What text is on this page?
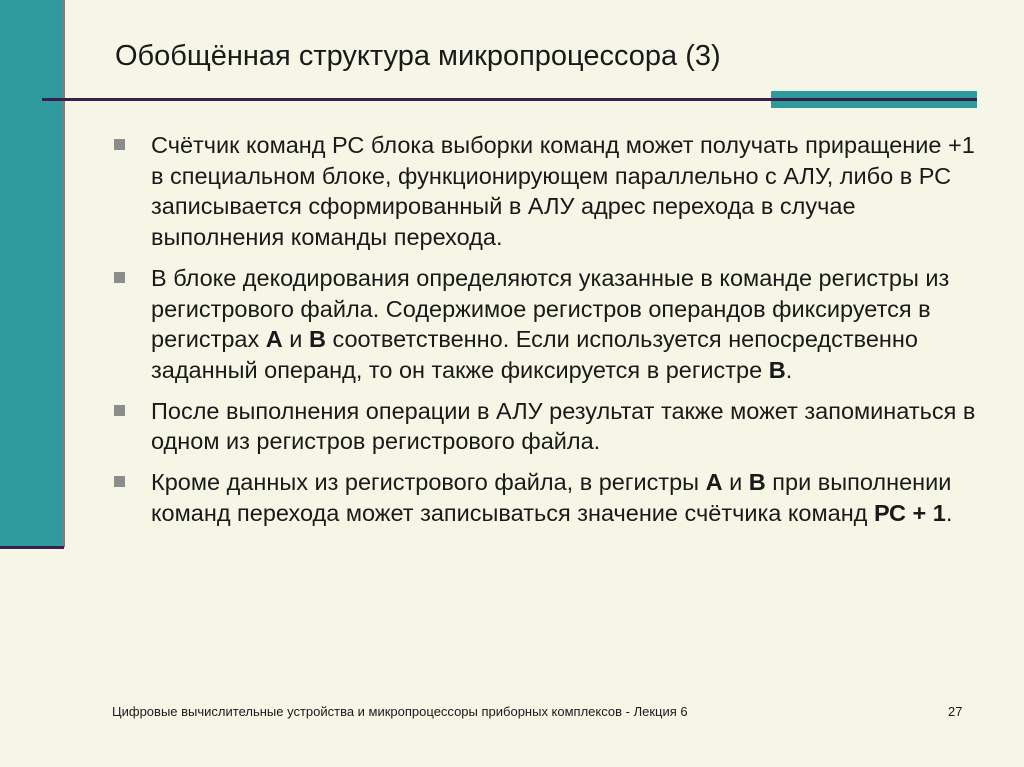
Обобщённая структура микропроцессора (3)
Счётчик команд РС блока выборки команд может получать приращение +1 в специальном блоке, функционирующем параллельно с АЛУ, либо в РС записывается сформированный в АЛУ адрес перехода в случае выполнения команды перехода.
В блоке декодирования определяются указанные в команде регистры из регистрового файла. Содержимое регистров операндов фиксируется в регистрах А и В соответственно. Если используется непосредственно заданный операнд, то он также фиксируется в регистре В.
После выполнения операции в АЛУ результат также может запоминаться в одном из регистров регистрового файла.
Кроме данных из регистрового файла, в регистры А и В при выполнении команд перехода может записываться значение счётчика команд РС + 1.
Цифровые вычислительные устройства и микропроцессоры приборных комплексов - Лекция 6	27
